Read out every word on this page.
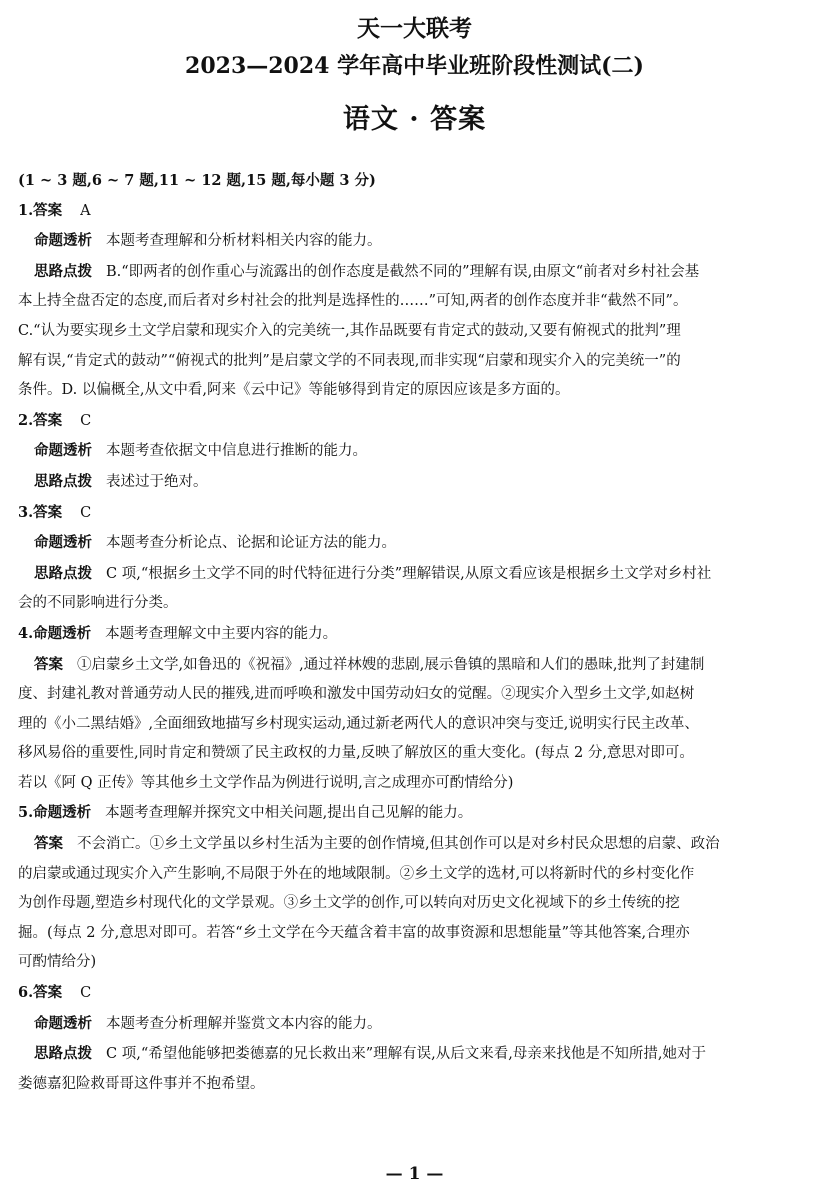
天一大联考
2023—2024 学年高中毕业班阶段性测试(二)
语文 · 答案
(1 ~ 3 题,6 ~ 7 题,11 ~ 12 题,15 题,每小题 3 分)
1.答案 A
命题透析 本题考查理解和分析材料相关内容的能力。
思路点拨 B.“即两者的创作重心与流露出的创作态度是截然不同的”理解有误,由原文“前者对乡村社会基
本上持全盘否定的态度,而后者对乡村社会的批判是选择性的……”可知,两者的创作态度并非“截然不同”。
C.“认为要实现乡土文学启蒙和现实介入的完美统一,其作品既要有肯定式的鼓动,又要有俯视式的批判”理
解有误,“肯定式的鼓动”“俯视式的批判”是启蒙文学的不同表现,而非实现“启蒙和现实介入的完美统一”的
条件。D. 以偏概全,从文中看,阿来《云中记》等能够得到肯定的原因应该是多方面的。
2.答案 C
命题透析 本题考查依据文中信息进行推断的能力。
思路点拨 表述过于绝对。
3.答案 C
命题透析 本题考查分析论点、论据和论证方法的能力。
思路点拨 C 项,“根据乡土文学不同的时代特征进行分类”理解错误,从原文看应该是根据乡土文学对乡村社
会的不同影响进行分类。
4.命题透析 本题考查理解文中主要内容的能力。
答案 ①启蒙乡土文学,如鲁迅的《祝福》,通过祥林嫂的悲剧,展示鲁镇的黑暗和人们的愚昧,批判了封建制
度、封建礼教对普通劳动人民的摧残,进而呼唤和激发中国劳动妇女的觉醒。②现实介入型乡土文学,如赵树
理的《小二黑结婚》,全面细致地描写乡村现实运动,通过新老两代人的意识冲突与变迁,说明实行民主改革、
移风易俗的重要性,同时肯定和赞颂了民主政权的力量,反映了解放区的重大变化。(每点 2 分,意思对即可。
若以《阿 Q 正传》等其他乡土文学作品为例进行说明,言之成理亦可酌情给分)
5.命题透析 本题考查理解并探究文中相关问题,提出自己见解的能力。
答案 不会消亡。①乡土文学虽以乡村生活为主要的创作情境,但其创作可以是对乡村民众思想的启蒙、政治
的启蒙或通过现实介入产生影响,不局限于外在的地域限制。②乡土文学的选材,可以将新时代的乡村变化作
为创作母题,塑造乡村现代化的文学景观。③乡土文学的创作,可以转向对历史文化视域下的乡土传统的挖
掘。(每点 2 分,意思对即可。若答“乡土文学在今天蕴含着丰富的故事资源和思想能量”等其他答案,合理亦
可酌情给分)
6.答案 C
命题透析 本题考查分析理解并鉴赏文本内容的能力。
思路点拨 C 项,“希望他能够把娄德嘉的兄长救出来”理解有误,从后文来看,母亲来找他是不知所措,她对于
娄德嘉犯险救哥哥这件事并不抱希望。
— 1 —
